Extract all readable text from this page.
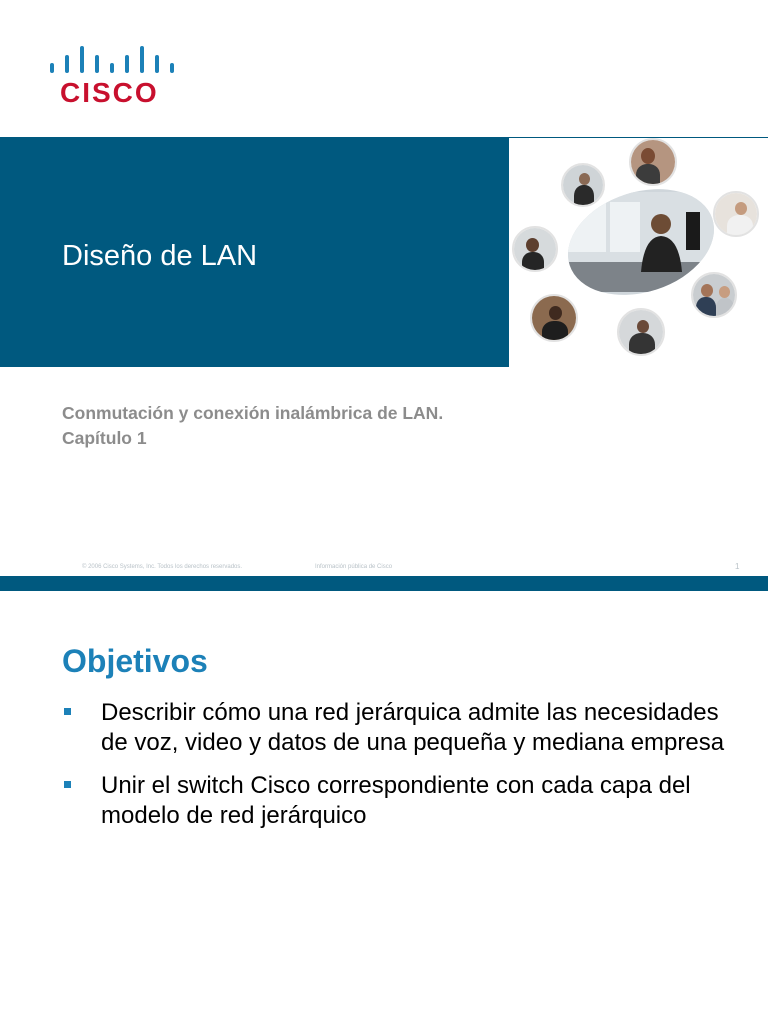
CISCO
Diseño de LAN
Conmutación y conexión inalámbrica de LAN.
Capítulo 1
© 2006 Cisco Systems, Inc. Todos los derechos reservados.	Información pública de Cisco	1
Objetivos
Describir cómo una red jerárquica admite las necesidades de voz, video y datos de una pequeña y mediana empresa
Unir el switch Cisco correspondiente con cada capa del modelo de red jerárquico
